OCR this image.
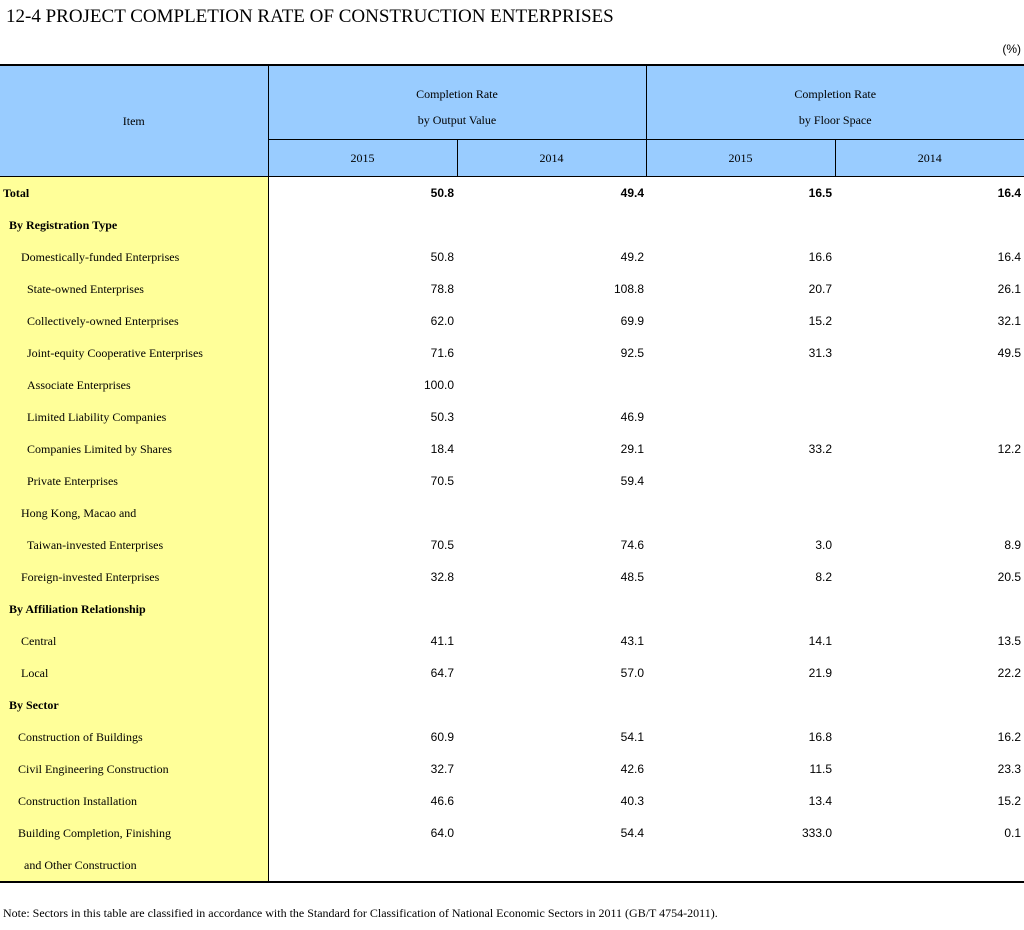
12-4 PROJECT COMPLETION RATE OF CONSTRUCTION ENTERPRISES
(%)
Item	Completion Rate		Completion Rate	
	by Output Value		by Floor Space	
	2015	2014	2015	2014
Total	50.8	49.4	16.5	16.4
By Registration Type				
Domestically-funded Enterprises	50.8	49.2	16.6	16.4
State-owned Enterprises	78.8	108.8	20.7	26.1
Collectively-owned Enterprises	62.0	69.9	15.2	32.1
Joint-equity Cooperative Enterprises	71.6	92.5	31.3	49.5
Associate Enterprises	100.0			
Limited Liability Companies	50.3	46.9		
Companies Limited by Shares	18.4	29.1	33.2	12.2
Private Enterprises	70.5	59.4		
Hong Kong, Macao and				
Taiwan-invested Enterprises	70.5	74.6	3.0	8.9
Foreign-invested Enterprises	32.8	48.5	8.2	20.5
By Affiliation Relationship				
Central	41.1	43.1	14.1	13.5
Local	64.7	57.0	21.9	22.2
By Sector				
Construction of Buildings	60.9	54.1	16.8	16.2
Civil Engineering Construction	32.7	42.6	11.5	23.3
Construction Installation	46.6	40.3	13.4	15.2
Building Completion, Finishing	64.0	54.4	333.0	0.1
and Other Construction				
Note: Sectors in this table are classified in accordance with the Standard for Classification of National Economic Sectors in 2011 (GB/T 4754-2011).
